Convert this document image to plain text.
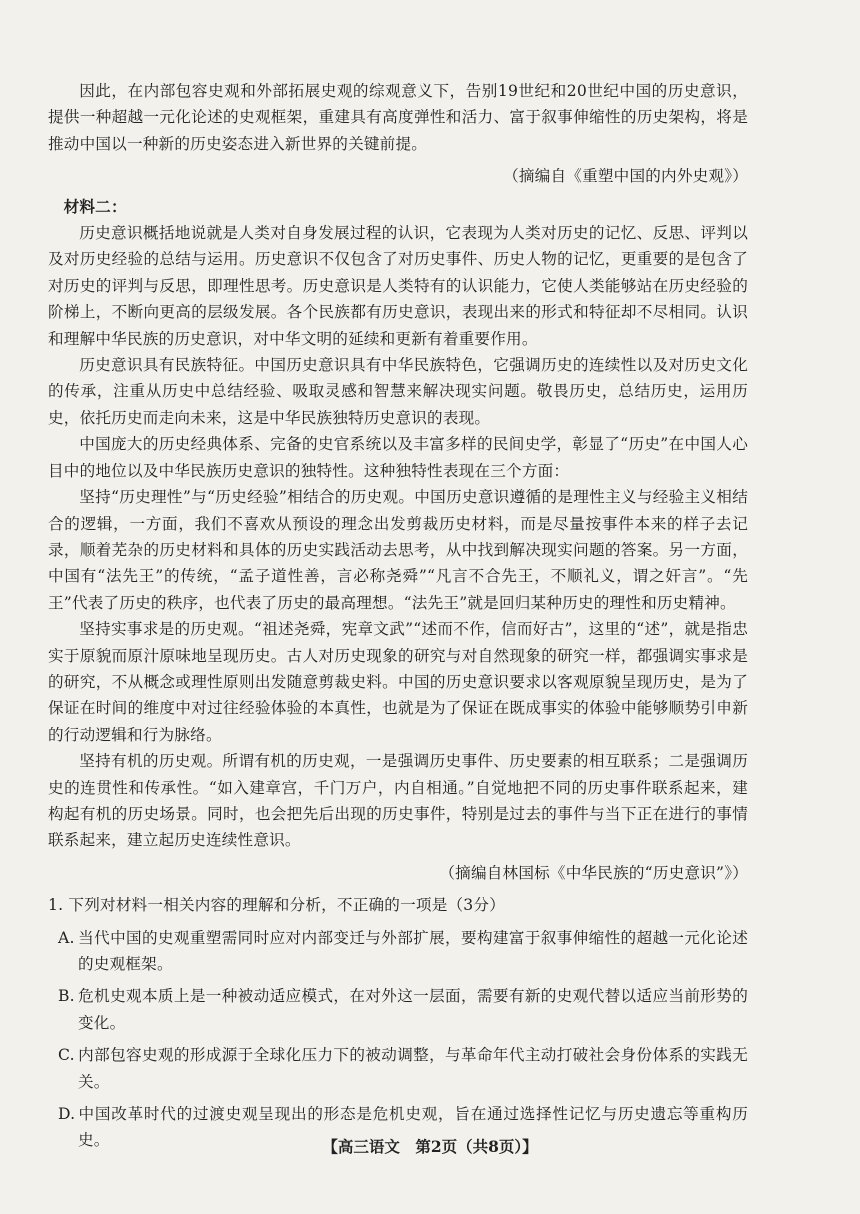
因此，在内部包容史观和外部拓展史观的综观意义下，告别19世纪和20世纪中国的历史意识，提供一种超越一元化论述的史观框架，重建具有高度弹性和活力、富于叙事伸缩性的历史架构，将是推动中国以一种新的历史姿态进入新世界的关键前提。

（摘编自《重塑中国的内外史观》）

材料二：

历史意识概括地说就是人类对自身发展过程的认识，它表现为人类对历史的记忆、反思、评判以及对历史经验的总结与运用。历史意识不仅包含了对历史事件、历史人物的记忆，更重要的是包含了对历史的评判与反思，即理性思考。历史意识是人类特有的认识能力，它使人类能够站在历史经验的阶梯上，不断向更高的层级发展。各个民族都有历史意识，表现出来的形式和特征却不尽相同。认识和理解中华民族的历史意识，对中华文明的延续和更新有着重要作用。

历史意识具有民族特征。中国历史意识具有中华民族特色，它强调历史的连续性以及对历史文化的传承，注重从历史中总结经验、吸取灵感和智慧来解决现实问题。敬畏历史，总结历史，运用历史，依托历史而走向未来，这是中华民族独特历史意识的表现。

中国庞大的历史经典体系、完备的史官系统以及丰富多样的民间史学，彰显了“历史”在中国人心目中的地位以及中华民族历史意识的独特性。这种独特性表现在三个方面：

坚持“历史理性”与“历史经验”相结合的历史观。中国历史意识遵循的是理性主义与经验主义相结合的逻辑，一方面，我们不喜欢从预设的理念出发剪裁历史材料，而是尽量按事件本来的样子去记录，顺着芜杂的历史材料和具体的历史实践活动去思考，从中找到解决现实问题的答案。另一方面，中国有“法先王”的传统，“孟子道性善，言必称尧舜”“凡言不合先王，不顺礼义，谓之奸言”。“先王”代表了历史的秩序，也代表了历史的最高理想。“法先王”就是回归某种历史的理性和历史精神。

坚持实事求是的历史观。“祖述尧舜，宪章文武”“述而不作，信而好古”，这里的“述”，就是指忠实于原貌而原汁原味地呈现历史。古人对历史现象的研究与对自然现象的研究一样，都强调实事求是的研究，不从概念或理性原则出发随意剪裁史料。中国的历史意识要求以客观原貌呈现历史，是为了保证在时间的维度中对过往经验体验的本真性，也就是为了保证在既成事实的体验中能够顺势引申新的行动逻辑和行为脉络。

坚持有机的历史观。所谓有机的历史观，一是强调历史事件、历史要素的相互联系；二是强调历史的连贯性和传承性。“如入建章宫，千门万户，内自相通。”自觉地把不同的历史事件联系起来，建构起有机的历史场景。同时，也会把先后出现的历史事件，特别是过去的事件与当下正在进行的事情联系起来，建立起历史连续性意识。

（摘编自林国标《中华民族的“历史意识”》）

1. 下列对材料一相关内容的理解和分析，不正确的一项是（3分）

A. 当代中国的史观重塑需同时应对内部变迁与外部扩展，要构建富于叙事伸缩性的超越一元化论述的史观框架。

B. 危机史观本质上是一种被动适应模式，在对外这一层面，需要有新的史观代替以适应当前形势的变化。

C. 内部包容史观的形成源于全球化压力下的被动调整，与革命年代主动打破社会身份体系的实践无关。

D. 中国改革时代的过渡史观呈现出的形态是危机史观，旨在通过选择性记忆与历史遗忘等重构历史。	【高三语文　第2页（共8页）】
